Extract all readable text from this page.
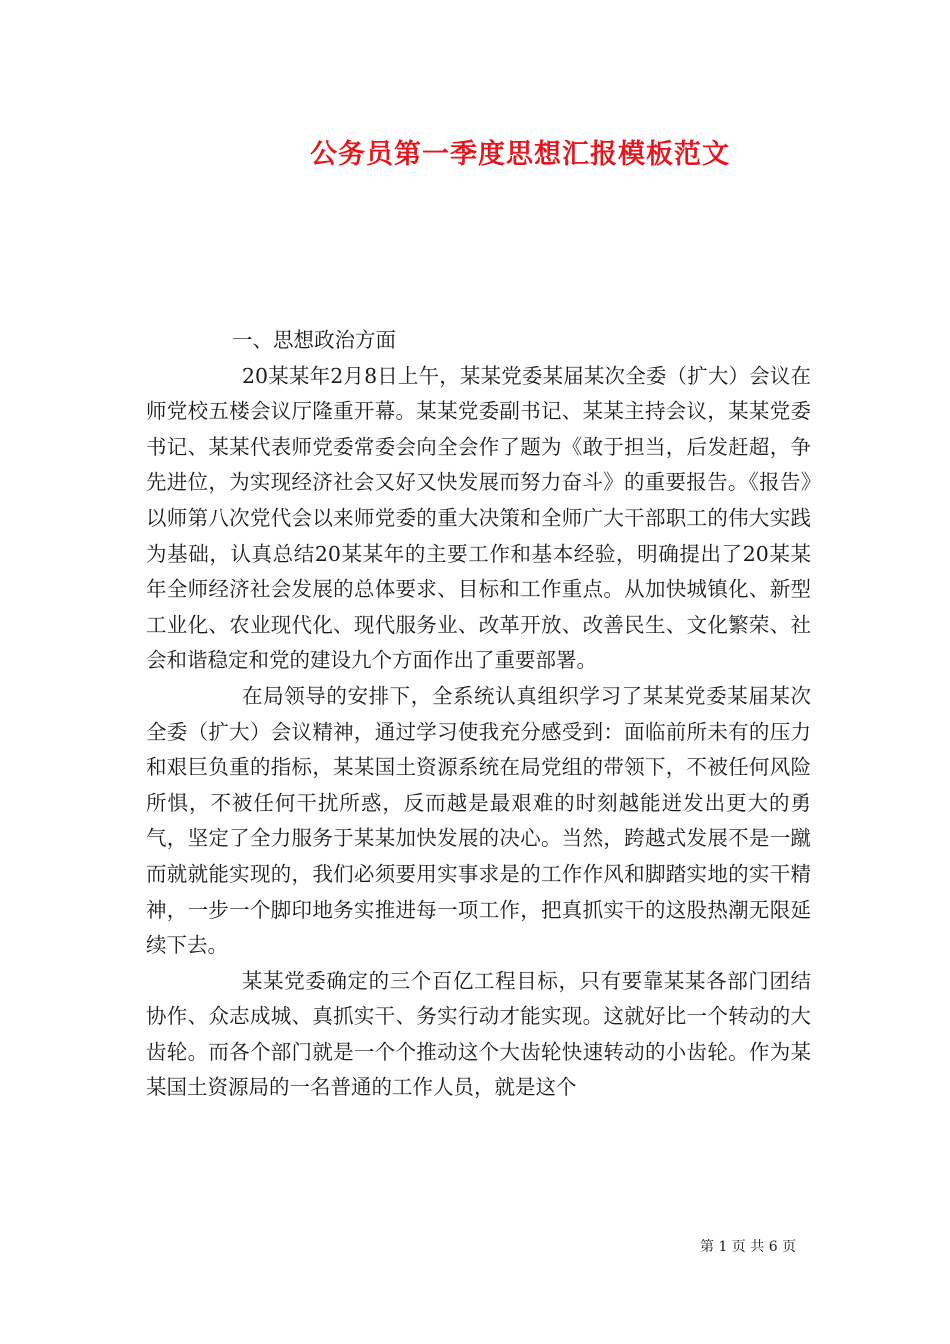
公务员第一季度思想汇报模板范文

一、思想政治方面

20某某年2月8日上午，某某党委某届某次全委（扩大）会议在师党校五楼会议厅隆重开幕。某某党委副书记、某某主持会议，某某党委书记、某某代表师党委常委会向全会作了题为《敢于担当，后发赶超，争先进位，为实现经济社会又好又快发展而努力奋斗》的重要报告。《报告》以师第八次党代会以来师党委的重大决策和全师广大干部职工的伟大实践为基础，认真总结20某某年的主要工作和基本经验，明确提出了20某某年全师经济社会发展的总体要求、目标和工作重点。从加快城镇化、新型工业化、农业现代化、现代服务业、改革开放、改善民生、文化繁荣、社会和谐稳定和党的建设九个方面作出了重要部署。

在局领导的安排下，全系统认真组织学习了某某党委某届某次全委（扩大）会议精神，通过学习使我充分感受到：面临前所未有的压力和艰巨负重的指标，某某国土资源系统在局党组的带领下，不被任何风险所惧，不被任何干扰所惑，反而越是最艰难的时刻越能迸发出更大的勇气，坚定了全力服务于某某加快发展的决心。当然，跨越式发展不是一蹴而就就能实现的，我们必须要用实事求是的工作作风和脚踏实地的实干精神，一步一个脚印地务实推进每一项工作，把真抓实干的这股热潮无限延续下去。

某某党委确定的三个百亿工程目标，只有要靠某某各部门团结协作、众志成城、真抓实干、务实行动才能实现。这就好比一个转动的大齿轮。而各个部门就是一个个推动这个大齿轮快速转动的小齿轮。作为某某国土资源局的一名普通的工作人员，就是这个

第 1 页 共 6 页
